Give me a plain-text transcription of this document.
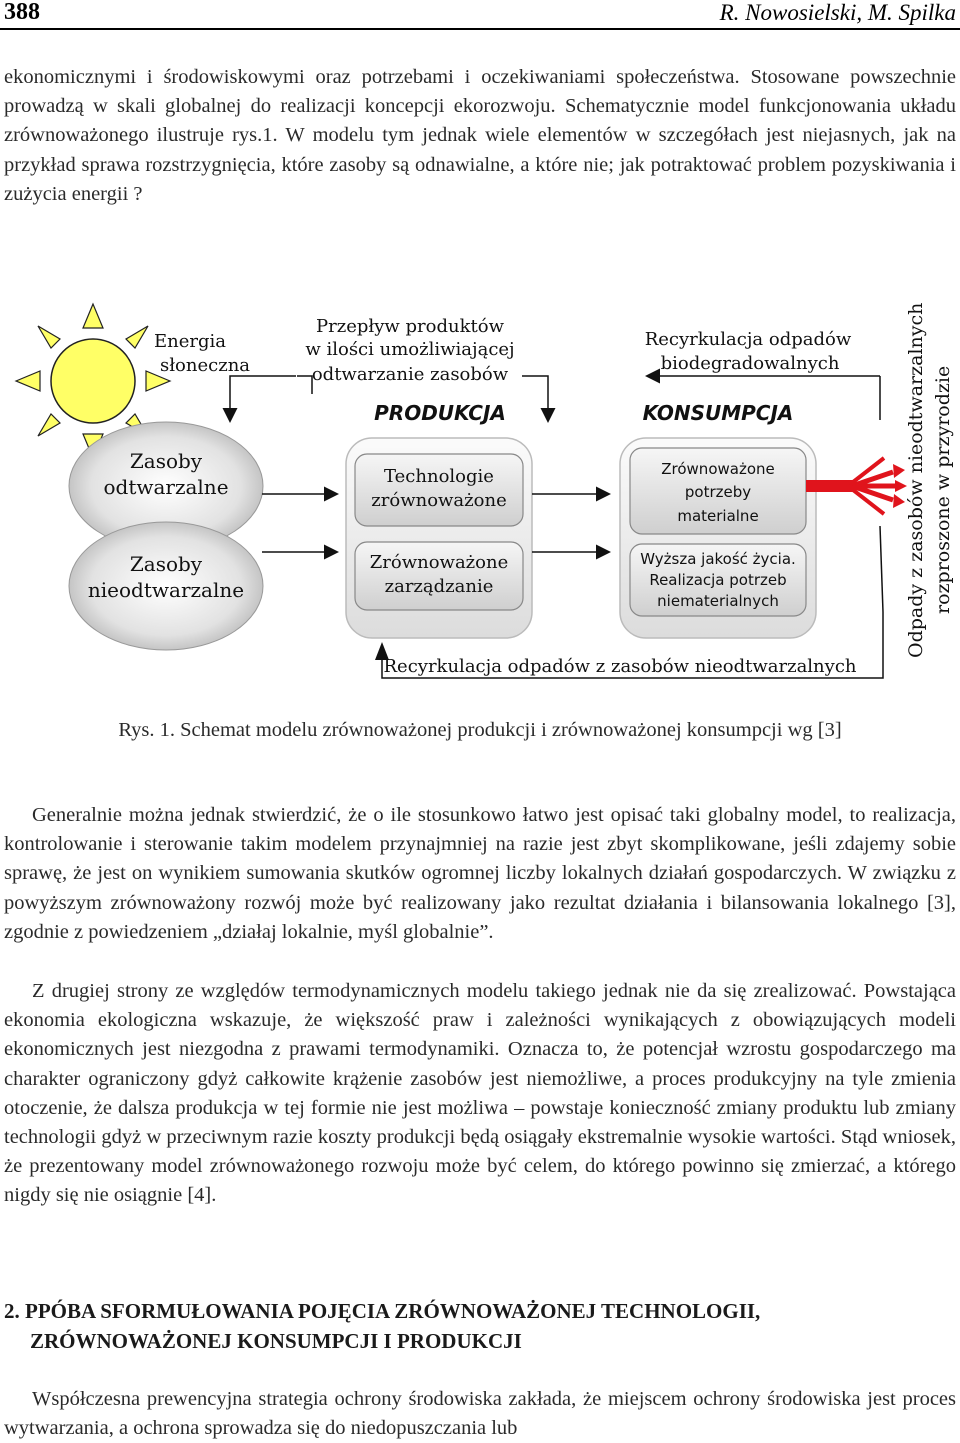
388	R. Nowosielski, M. Spilka

ekonomicznymi i środowiskowymi oraz potrzebami i oczekiwaniami społeczeństwa. Stosowane powszechnie prowadzą w skali globalnej do realizacji koncepcji ekorozwoju. Schematycznie model funkcjonowania układu zrównoważonego ilustruje rys.1. W modelu tym jednak wiele elementów w szczegółach jest niejasnych, jak na przykład sprawa rozstrzygnięcia, które zasoby są odnawialne, a które nie; jak potraktować problem pozyskiwania i zużycia energii ?

Energia
słoneczna
Zasoby
odtwarzalne
Zasoby
nieodtwarzalne
Przepływ produktów
w ilości umożliwiającej
odtwarzanie zasobów
Recyrkulacja odpadów
biodegradowalnych
PRODUKCJA	KONSUMPCJA
Technologie
zrównoważone
Zrównoważone
zarządzanie
Zrównoważone
potrzeby
materialne
Wyższa jakość życia.
Realizacja potrzeb
niematerialnych	Odpady z zasobów nieodtwarzalnych rozproszone w przyrodzie
Recyrkulacja odpadów z zasobów nieodtwarzalnych
Rys. 1. Schemat modelu zrównoważonej produkcji i zrównoważonej konsumpcji wg [3]

Generalnie można jednak stwierdzić, że o ile stosunkowo łatwo jest opisać taki globalny model, to realizacja, kontrolowanie i sterowanie takim modelem przynajmniej na razie jest zbyt skomplikowane, jeśli zdajemy sobie sprawę, że jest on wynikiem sumowania skutków ogromnej liczby lokalnych działań gospodarczych. W związku z powyższym zrównoważony rozwój może być realizowany jako rezultat działania i bilansowania lokalnego [3], zgodnie z powiedzeniem „działaj lokalnie, myśl globalnie”.

Z drugiej strony ze względów termodynamicznych modelu takiego jednak nie da się zrealizować. Powstająca ekonomia ekologiczna wskazuje, że większość praw i zależności wynikających z obowiązujących modeli ekonomicznych jest niezgodna z prawami termodynamiki. Oznacza to, że potencjał wzrostu gospodarczego ma charakter ograniczony gdyż całkowite krążenie zasobów jest niemożliwe, a proces produkcyjny na tyle zmienia otoczenie, że dalsza produkcja w tej formie nie jest możliwa – powstaje konieczność zmiany produktu lub zmiany technologii gdyż w przeciwnym razie koszty produkcji będą osiągały ekstremalnie wysokie wartości. Stąd wniosek, że prezentowany model zrównoważonego rozwoju może być celem, do którego powinno się zmierzać, a którego nigdy się nie osiągnie [4].

2. PPÓBA SFORMUŁOWANIA POJĘCIA ZRÓWNOWAŻONEJ TECHNOLOGII,
ZRÓWNOWAŻONEJ KONSUMPCJI I PRODUKCJI

Współczesna prewencyjna strategia ochrony środowiska zakłada, że miejscem ochrony środowiska jest proces wytwarzania, a ochrona sprowadza się do niedopuszczania lub
